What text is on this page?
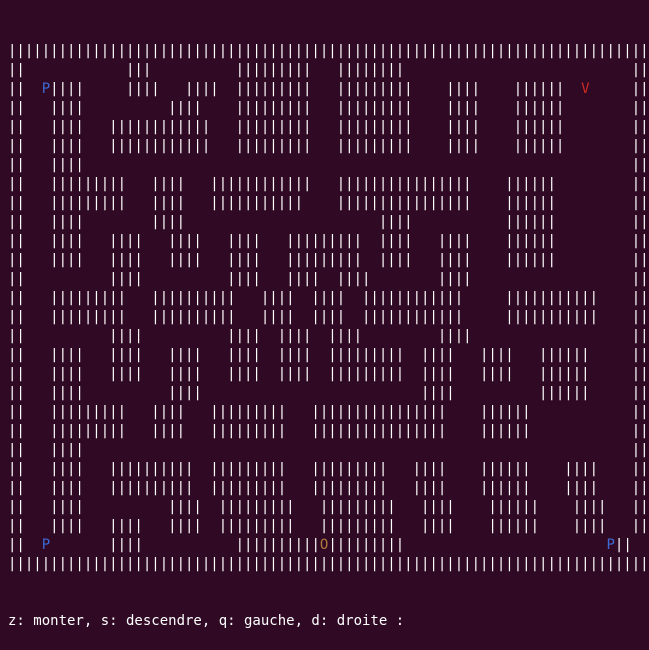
||||||||||||||||||||||||||||||||||||||||||||||||||||||||||||||||||||||||||||
||            |||          |||||||||   ||||||||                           ||
||  P||||     ||||   ||||  |||||||||   |||||||||    ||||    ||||||  V     ||
||   ||||          ||||    |||||||||   |||||||||    ||||    ||||||        ||
||   ||||   ||||||||||||   |||||||||   |||||||||    ||||    ||||||        ||
||   ||||   ||||||||||||   |||||||||   |||||||||    ||||    ||||||        ||
||   ||||                                                                 ||
||   |||||||||   ||||   ||||||||||||   ||||||||||||||||    ||||||         ||
||   |||||||||   ||||   |||||||||||    ||||||||||||||||    ||||||         ||
||   ||||        ||||                       ||||           ||||||         ||
||   ||||   ||||   ||||   ||||   |||||||||  ||||   ||||    ||||||         ||
||   ||||   ||||   ||||   ||||   |||||||||  ||||   ||||    ||||||         ||
||          ||||          ||||   ||||  ||||        ||||                   ||
||   |||||||||   ||||||||||   ||||  ||||  ||||||||||||     |||||||||||    ||
||   |||||||||   ||||||||||   ||||  ||||  ||||||||||||     |||||||||||    ||
||          ||||          ||||  ||||  ||||         ||||                   ||
||   ||||   ||||   ||||   ||||  ||||  |||||||||  ||||   ||||   ||||||     ||
||   ||||   ||||   ||||   ||||  ||||  |||||||||  ||||   ||||   ||||||     ||
||   ||||          ||||                          ||||          ||||||     ||
||   |||||||||   ||||   |||||||||   ||||||||||||||||    ||||||            ||
||   |||||||||   ||||   |||||||||   ||||||||||||||||    ||||||            ||
||   ||||                                                                 ||
||   ||||   ||||||||||  |||||||||   |||||||||   ||||    ||||||    ||||    ||
||   ||||   ||||||||||  |||||||||   |||||||||   ||||    ||||||    ||||    ||
||   ||||          ||||  |||||||||   |||||||||   ||||    ||||||    ||||   ||
||   ||||   ||||   ||||  |||||||||   |||||||||   ||||    ||||||    ||||   ||
||  P       ||||           ||||||||||O|||||||||                        P||
||||||||||||||||||||||||||||||||||||||||||||||||||||||||||||||||||||||||||||

z: monter, s: descendre, q: gauche, d: droite :
